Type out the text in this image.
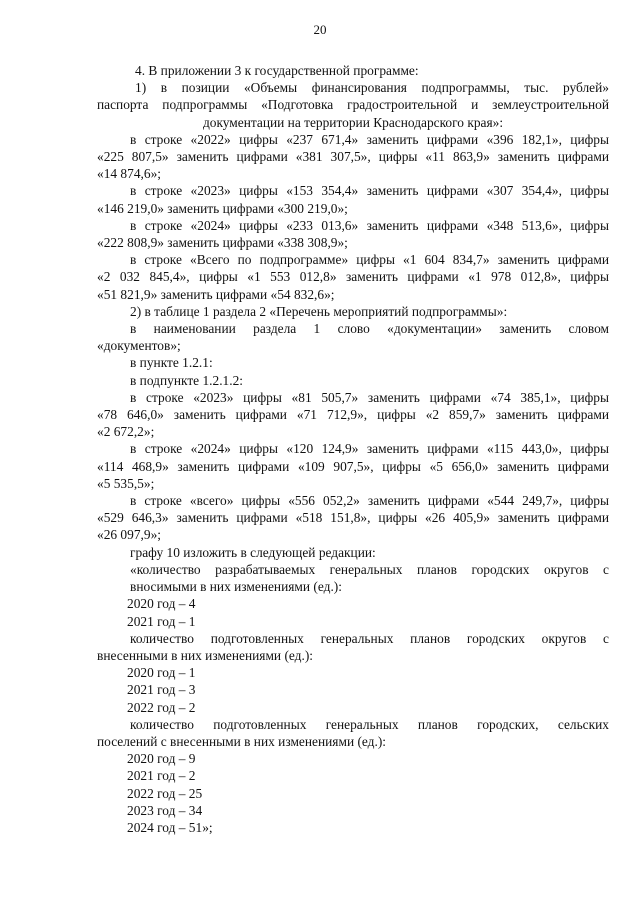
20
4. В приложении 3 к государственной программе:
1) в позиции «Объемы финансирования подпрограммы, тыс. рублей»
паспорта подпрограммы «Подготовка градостроительной и землеустроительной
документации на территории Краснодарского края»:
в строке «2022» цифры «237 671,4» заменить цифрами «396 182,1», цифры
«225 807,5» заменить цифрами «381 307,5», цифры «11 863,9» заменить цифрами
«14 874,6»;
в строке «2023» цифры «153 354,4» заменить цифрами «307 354,4», цифры
«146 219,0» заменить цифрами «300 219,0»;
в строке «2024» цифры «233 013,6» заменить цифрами «348 513,6», цифры
«222 808,9» заменить цифрами «338 308,9»;
в строке «Всего по подпрограмме» цифры «1 604 834,7» заменить цифрами
«2 032 845,4», цифры «1 553 012,8» заменить цифрами «1 978 012,8», цифры
«51 821,9» заменить цифрами «54 832,6»;
2) в таблице 1 раздела 2 «Перечень мероприятий подпрограммы»:
в наименовании раздела 1 слово «документации» заменить словом
«документов»;
в пункте 1.2.1:
в подпункте 1.2.1.2:
в строке «2023» цифры «81 505,7» заменить цифрами «74 385,1», цифры
«78 646,0» заменить цифрами «71 712,9», цифры «2 859,7» заменить цифрами
«2 672,2»;
в строке «2024» цифры «120 124,9» заменить цифрами «115 443,0», цифры
«114 468,9» заменить цифрами «109 907,5», цифры «5 656,0» заменить цифрами
«5 535,5»;
в строке «всего» цифры «556 052,2» заменить цифрами «544 249,7», цифры
«529 646,3» заменить цифрами «518 151,8», цифры «26 405,9» заменить цифрами
«26 097,9»;
графу 10 изложить в следующей редакции:
«количество разрабатываемых генеральных планов городских округов с
вносимыми в них изменениями (ед.):
2020 год – 4
2021 год – 1
количество подготовленных генеральных планов городских округов с
внесенными в них изменениями (ед.):
2020 год – 1
2021 год – 3
2022 год – 2
количество подготовленных генеральных планов городских, сельских
поселений с внесенными в них изменениями (ед.):
2020 год – 9
2021 год – 2
2022 год – 25
2023 год – 34
2024 год – 51»;
